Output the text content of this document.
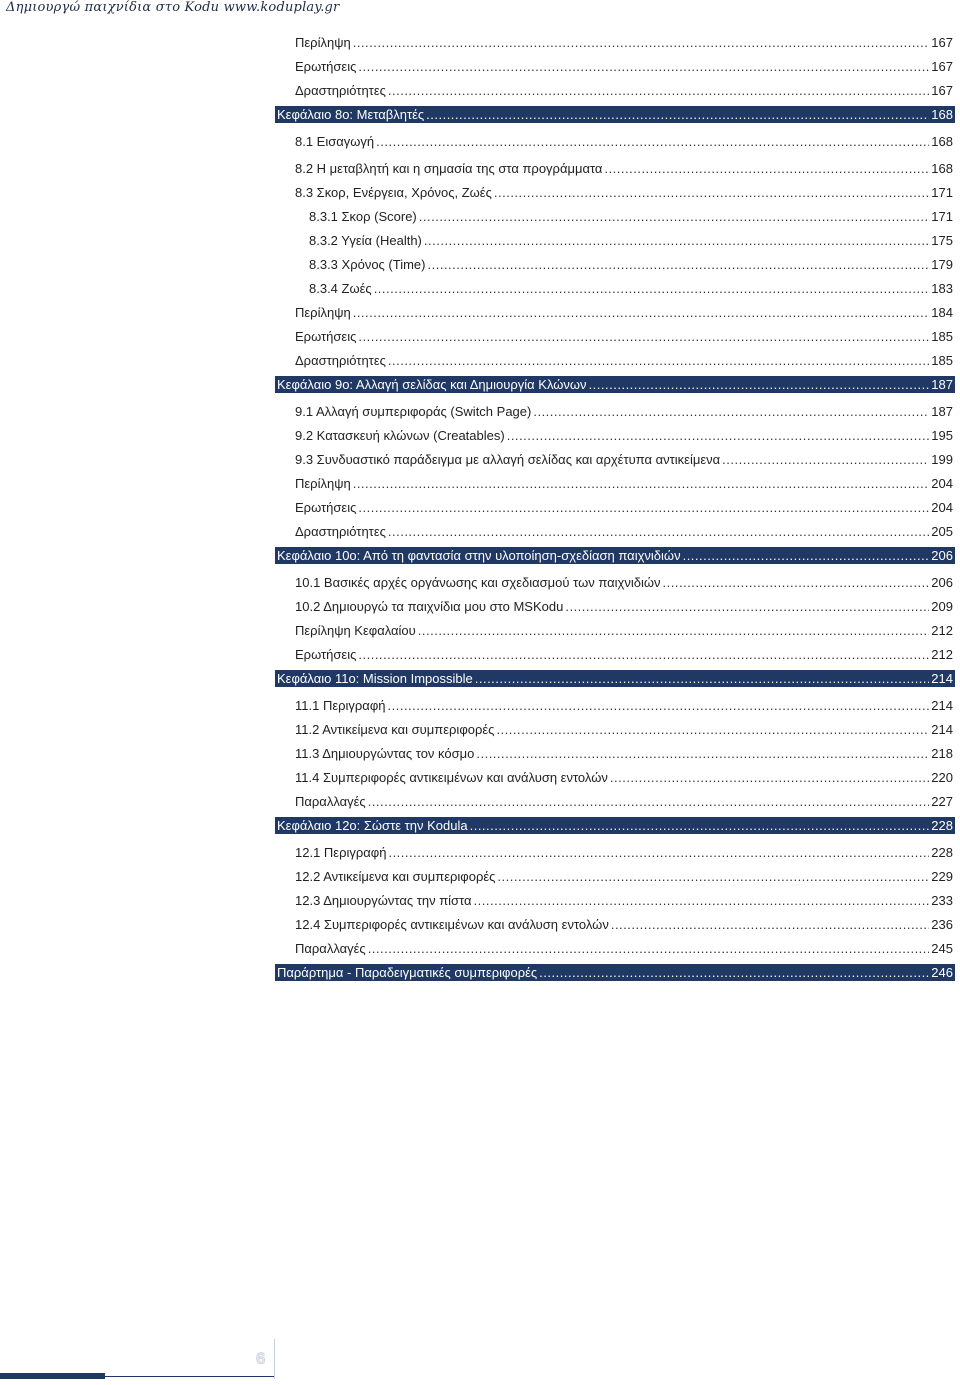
Δημιουργώ παιχνίδια στο Kodu www.koduplay.gr
Περίληψη .....	167
Ερωτήσεις .....	167
Δραστηριότητες .....	167
Κεφάλαιο 8ο: Μεταβλητές .....	168
8.1 Εισαγωγή .....	168
8.2 Η μεταβλητή και η σημασία της στα προγράμματα .....	168
8.3 Σκορ, Ενέργεια, Χρόνος, Ζωές .....	171
8.3.1 Σκορ (Score) .....	171
8.3.2 Υγεία (Health) .....	175
8.3.3 Χρόνος (Time) .....	179
8.3.4 Ζωές .....	183
Περίληψη .....	184
Ερωτήσεις .....	185
Δραστηριότητες .....	185
Κεφάλαιο 9ο: Αλλαγή σελίδας και Δημιουργία Κλώνων .....	187
9.1 Αλλαγή συμπεριφοράς (Switch Page) .....	187
9.2 Κατασκευή κλώνων (Creatables) .....	195
9.3 Συνδυαστικό παράδειγμα με αλλαγή σελίδας και αρχέτυπα αντικείμενα .....	199
Περίληψη .....	204
Ερωτήσεις .....	204
Δραστηριότητες .....	205
Κεφάλαιο 10ο: Από τη φαντασία στην υλοποίηση-σχεδίαση παιχνιδιών .....	206
10.1 Βασικές αρχές οργάνωσης και σχεδιασμού των παιχνιδιών .....	206
10.2 Δημιουργώ τα παιχνίδια μου στο MSKodu .....	209
Περίληψη Κεφαλαίου .....	212
Ερωτήσεις .....	212
Κεφάλαιο 11ο: Mission Impossible .....	214
11.1 Περιγραφή .....	214
11.2 Αντικείμενα και συμπεριφορές .....	214
11.3 Δημιουργώντας τον κόσμο .....	218
11.4 Συμπεριφορές αντικειμένων και ανάλυση εντολών .....	220
Παραλλαγές .....	227
Κεφάλαιο 12ο: Σώστε την Kodula .....	228
12.1 Περιγραφή .....	228
12.2 Αντικείμενα και συμπεριφορές .....	229
12.3 Δημιουργώντας την πίστα .....	233
12.4 Συμπεριφορές αντικειμένων και ανάλυση εντολών .....	236
Παραλλαγές .....	245
Παράρτημα - Παραδειγματικές συμπεριφορές .....	246
6
